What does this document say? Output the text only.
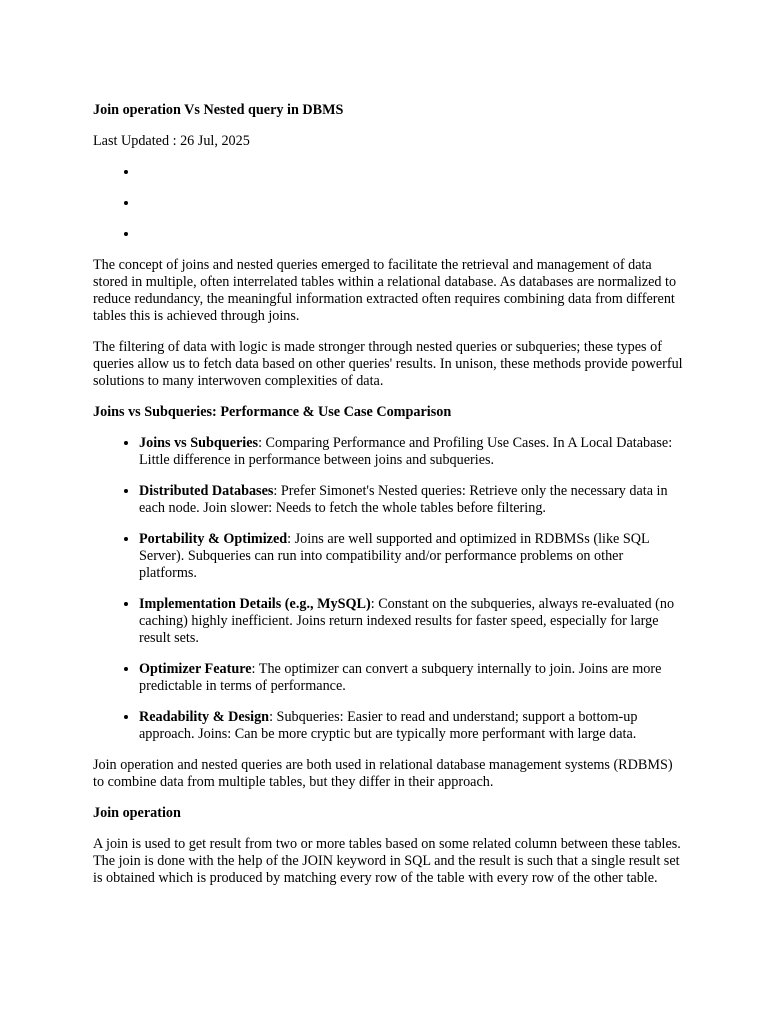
Join operation Vs Nested query in DBMS

Last Updated : 26 Jul, 2025

•
•
•

The concept of joins and nested queries emerged to facilitate the retrieval and management of data stored in multiple, often interrelated tables within a relational database. As databases are normalized to reduce redundancy, the meaningful information extracted often requires combining data from different tables this is achieved through joins.

The filtering of data with logic is made stronger through nested queries or subqueries; these types of queries allow us to fetch data based on other queries' results. In unison, these methods provide powerful solutions to many interwoven complexities of data.

Joins vs Subqueries: Performance & Use Case Comparison

• Joins vs Subqueries: Comparing Performance and Profiling Use Cases. In A Local Database: Little difference in performance between joins and subqueries.
• Distributed Databases: Prefer Simonet's Nested queries: Retrieve only the necessary data in each node. Join slower: Needs to fetch the whole tables before filtering.
• Portability & Optimized: Joins are well supported and optimized in RDBMSs (like SQL Server). Subqueries can run into compatibility and/or performance problems on other platforms.
• Implementation Details (e.g., MySQL): Constant on the subqueries, always re-evaluated (no caching) highly inefficient. Joins return indexed results for faster speed, especially for large result sets.
• Optimizer Feature: The optimizer can convert a subquery internally to join. Joins are more predictable in terms of performance.
• Readability & Design: Subqueries: Easier to read and understand; support a bottom-up approach. Joins: Can be more cryptic but are typically more performant with large data.

Join operation and nested queries are both used in relational database management systems (RDBMS) to combine data from multiple tables, but they differ in their approach.

Join operation

A join is used to get result from two or more tables based on some related column between these tables. The join is done with the help of the JOIN keyword in SQL and the result is such that a single result set is obtained which is produced by matching every row of the table with every row of the other table.
